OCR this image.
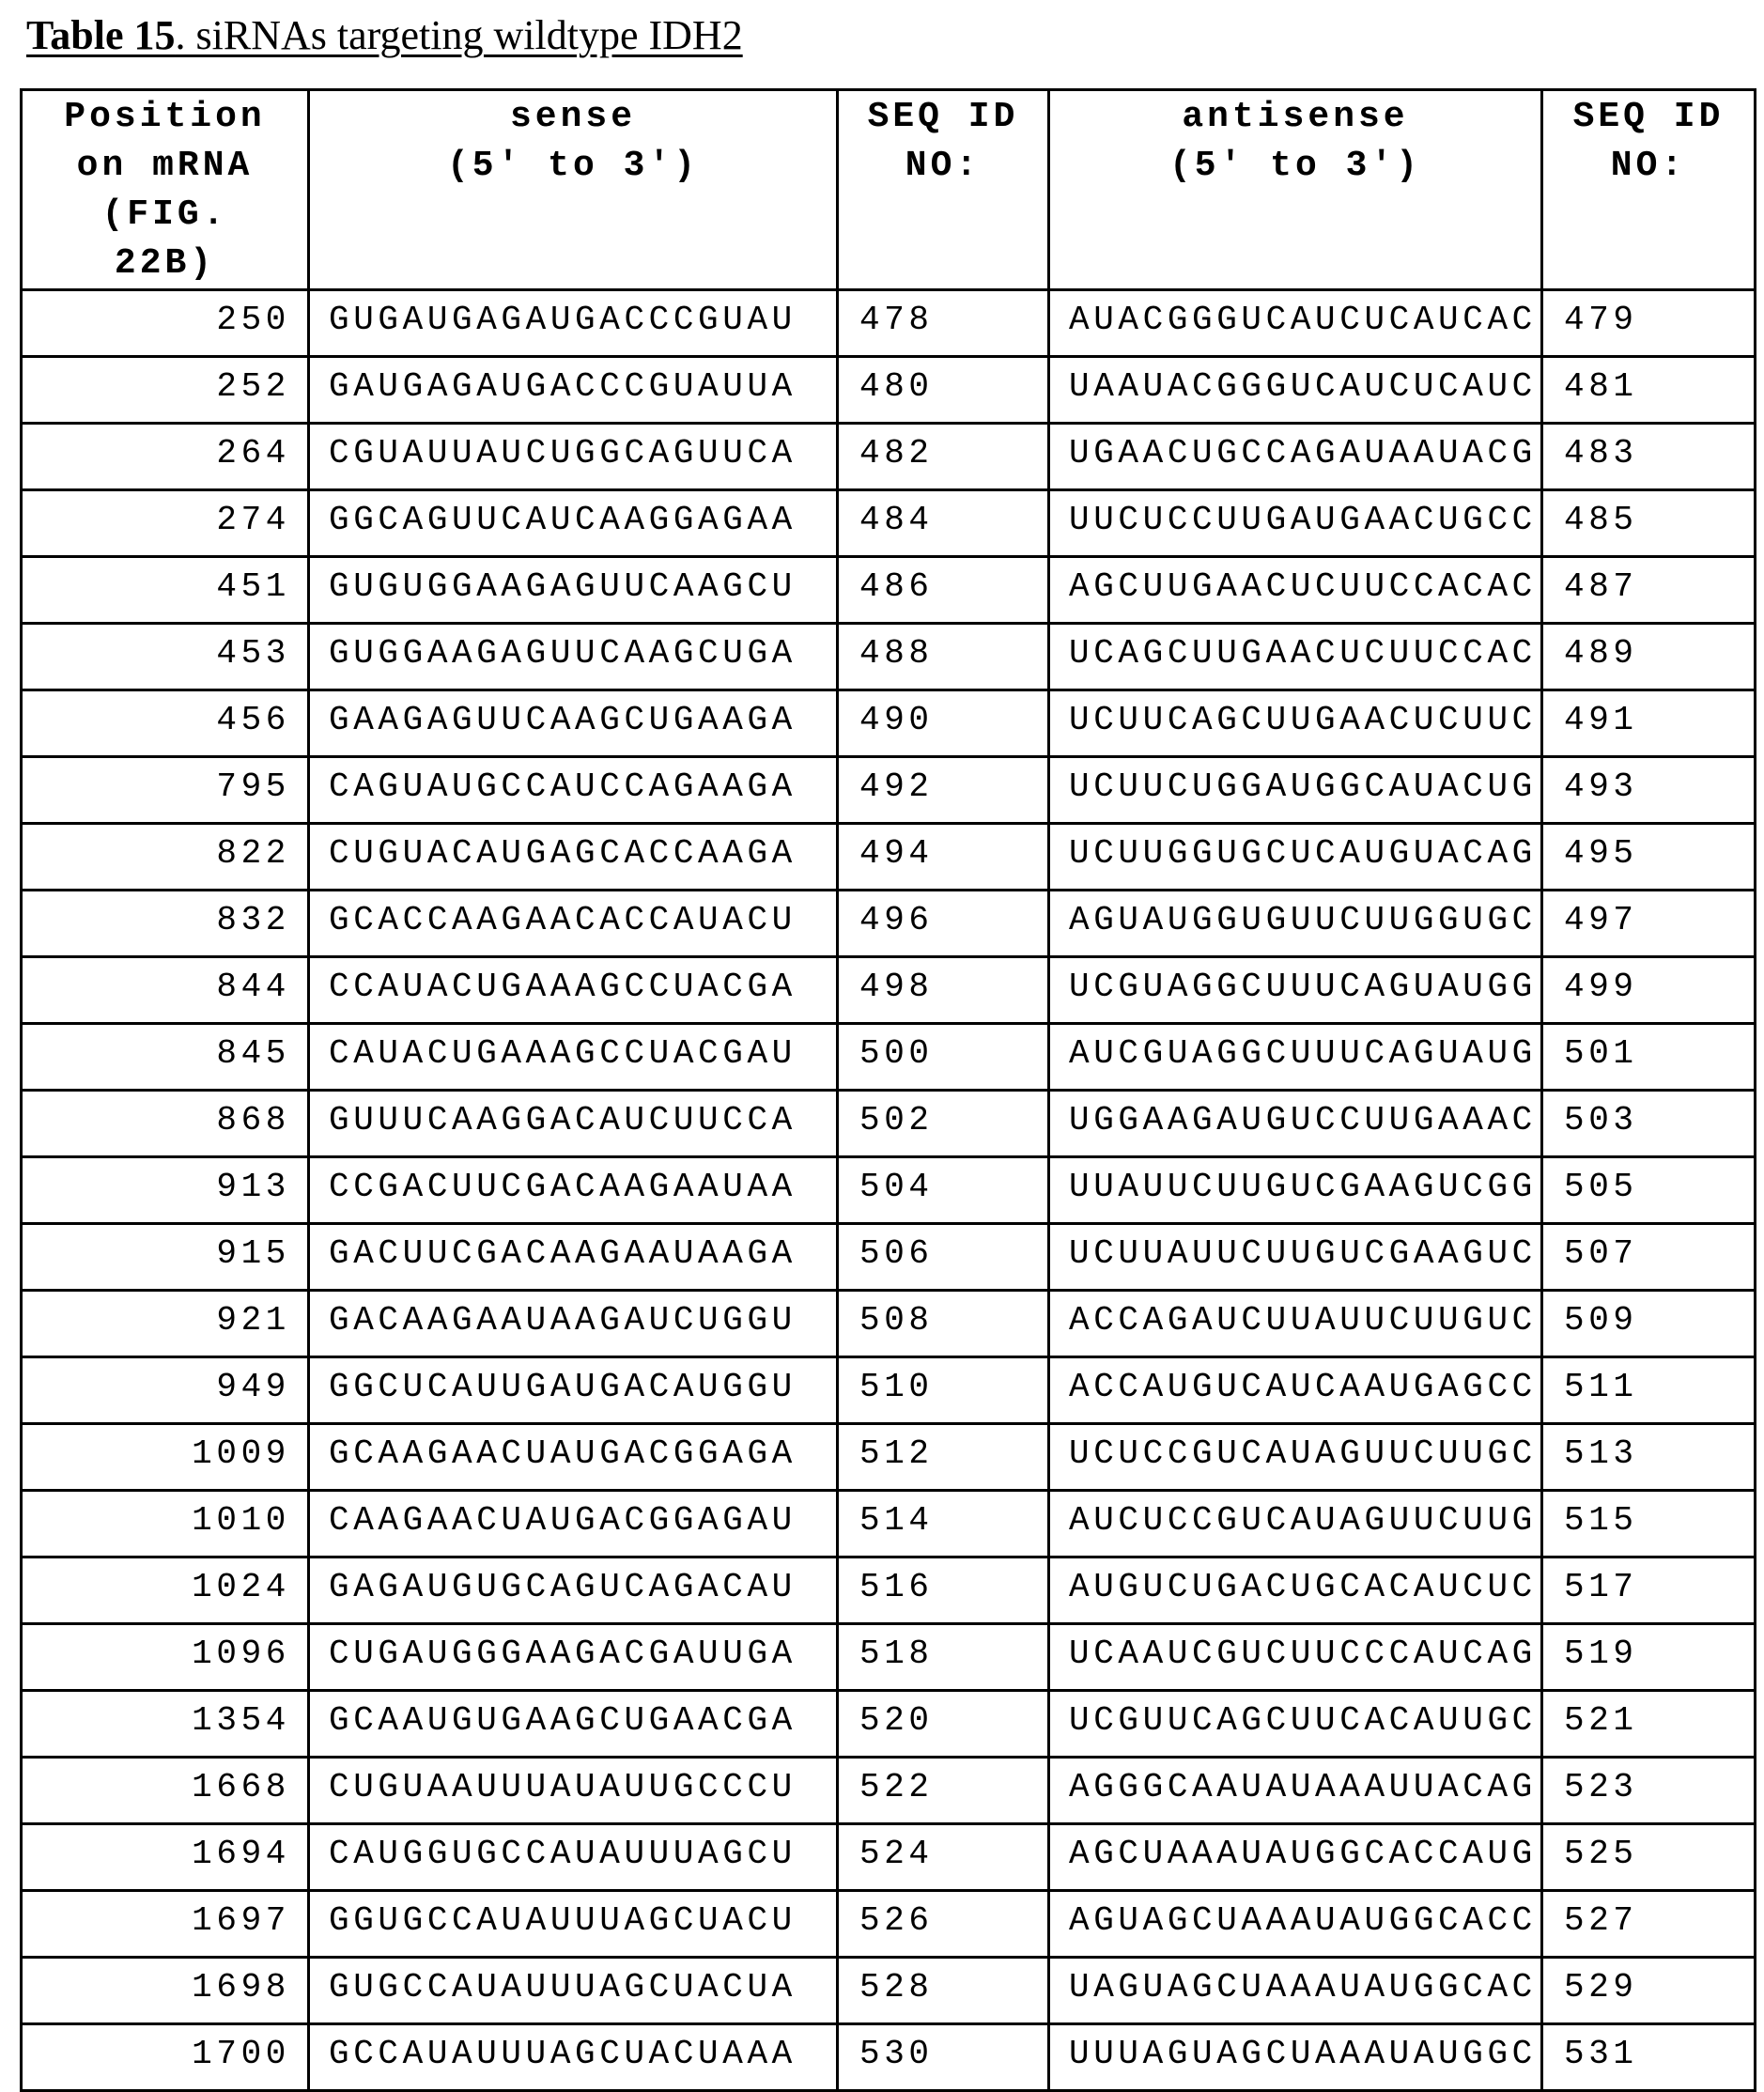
Table 15. siRNAs targeting wildtype IDH2
Position
on mRNA
(FIG.
22B)

sense
(5' to 3')

SEQ ID
NO:

antisense
(5' to 3')

SEQ ID
NO:

250	GUGAUGAGAUGACCCGUAU	478	AUACGGGUCAUCUCAUCAC	479
252	GAUGAGAUGACCCGUAUUA	480	UAAUACGGGUCAUCUCAUC	481
264	CGUAUUAUCUGGCAGUUCA	482	UGAACUGCCAGAUAAUACG	483
274	GGCAGUUCAUCAAGGAGAA	484	UUCUCCUUGAUGAACUGCC	485
451	GUGUGGAAGAGUUCAAGCU	486	AGCUUGAACUCUUCCACAC	487
453	GUGGAAGAGUUCAAGCUGA	488	UCAGCUUGAACUCUUCCAC	489
456	GAAGAGUUCAAGCUGAAGA	490	UCUUCAGCUUGAACUCUUC	491
795	CAGUAUGCCAUCCAGAAGA	492	UCUUCUGGAUGGCAUACUG	493
822	CUGUACAUGAGCACCAAGA	494	UCUUGGUGCUCAUGUACAG	495
832	GCACCAAGAACACCAUACU	496	AGUAUGGUGUUCUUGGUGC	497
844	CCAUACUGAAAGCCUACGA	498	UCGUAGGCUUUCAGUAUGG	499
845	CAUACUGAAAGCCUACGAU	500	AUCGUAGGCUUUCAGUAUG	501
868	GUUUCAAGGACAUCUUCCA	502	UGGAAGAUGUCCUUGAAAC	503
913	CCGACUUCGACAAGAAUAA	504	UUAUUCUUGUCGAAGUCGG	505
915	GACUUCGACAAGAAUAAGA	506	UCUUAUUCUUGUCGAAGUC	507
921	GACAAGAAUAAGAUCUGGU	508	ACCAGAUCUUAUUCUUGUC	509
949	GGCUCAUUGAUGACAUGGU	510	ACCAUGUCAUCAAUGAGCC	511
1009	GCAAGAACUAUGACGGAGA	512	UCUCCGUCAUAGUUCUUGC	513
1010	CAAGAACUAUGACGGAGAU	514	AUCUCCGUCAUAGUUCUUG	515
1024	GAGAUGUGCAGUCAGACAU	516	AUGUCUGACUGCACAUCUC	517
1096	CUGAUGGGAAGACGAUUGA	518	UCAAUCGUCUUCCCAUCAG	519
1354	GCAAUGUGAAGCUGAACGA	520	UCGUUCAGCUUCACAUUGC	521
1668	CUGUAAUUUAUAUUGCCCU	522	AGGGCAAUAUAAAUUACAG	523
1694	CAUGGUGCCAUAUUUAGCU	524	AGCUAAAUAUGGCACCAUG	525
1697	GGUGCCAUAUUUAGCUACU	526	AGUAGCUAAAUAUGGCACC	527
1698	GUGCCAUAUUUAGCUACUA	528	UAGUAGCUAAAUAUGGCAC	529
1700	GCCAUAUUUAGCUACUAAA	530	UUUAGUAGCUAAAUAUGGC	531
